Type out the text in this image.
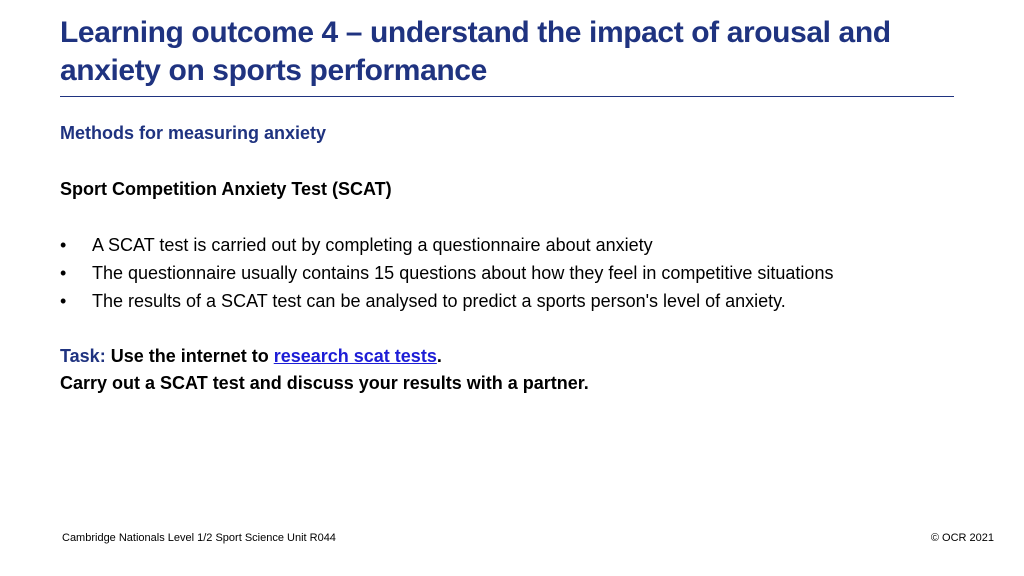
Learning outcome 4 – understand the impact of arousal and anxiety on sports performance
Methods for measuring anxiety
Sport Competition Anxiety Test (SCAT)
• A SCAT test is carried out by completing a questionnaire about anxiety
• The questionnaire usually contains 15 questions about how they feel in competitive situations
• The results of a SCAT test can be analysed to predict a sports person's level of anxiety.

Task: Use the internet to research scat tests.

Carry out a SCAT test and discuss your results with a partner.

Cambridge Nationals Level 1/2 Sport Science Unit R044	© OCR 2021
